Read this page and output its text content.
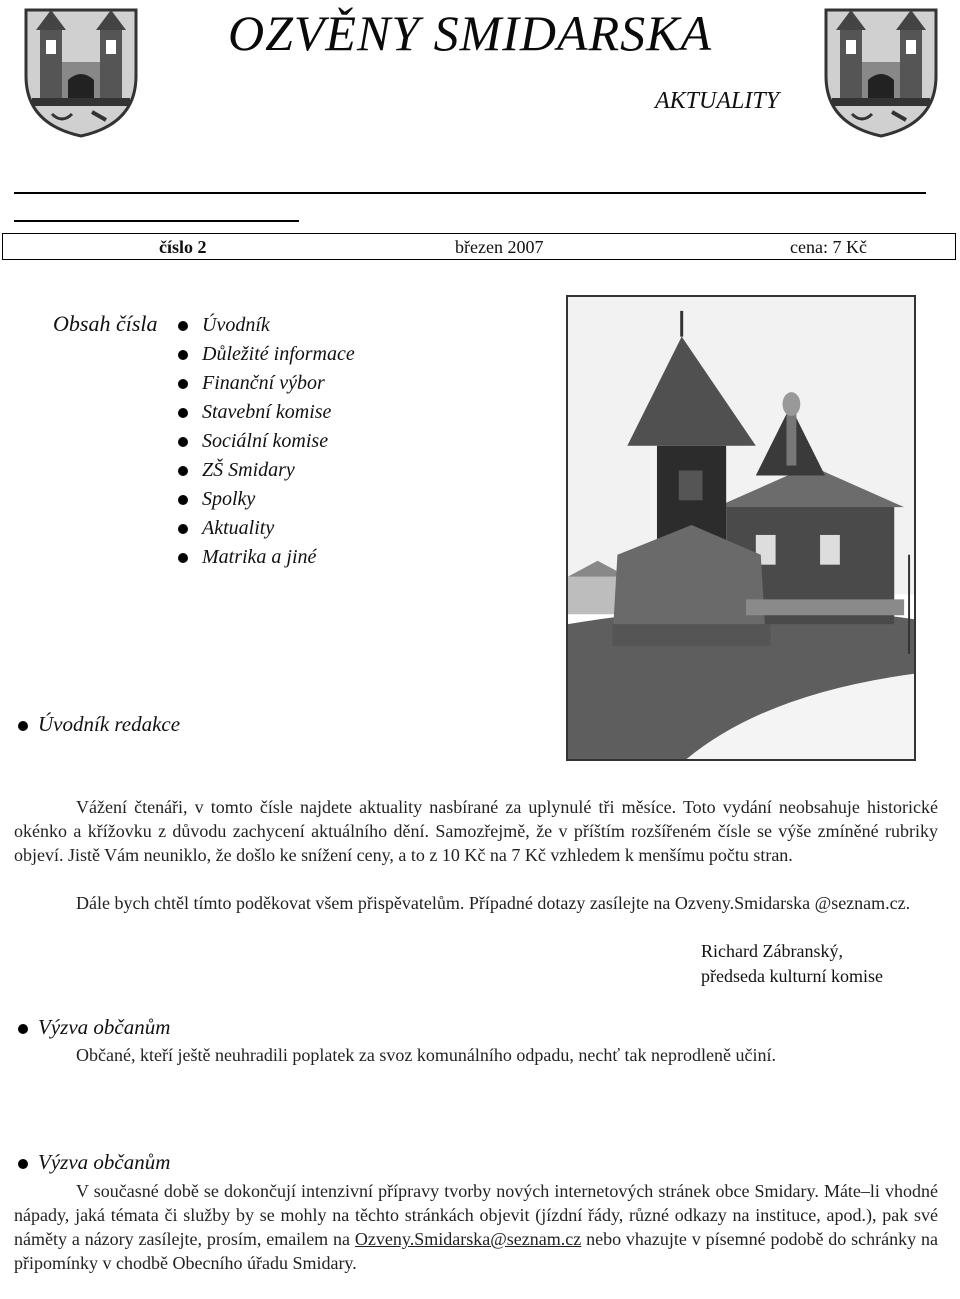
OZVĚNY SMIDARSKA
AKTUALITY
číslo 2	březen 2007	cena: 7 Kč
Obsah čísla	Úvodník
Důležité informace
Finanční výbor
Stavební komise
Sociální komise
ZŠ Smidary
Spolky
Aktuality
Matrika a jiné
Úvodník redakce
Vážení čtenáři, v tomto čísle najdete aktuality nasbírané za uplynulé tři měsíce. Toto vydání neobsahuje historické okénko a křížovku z důvodu zachycení aktuálního dění. Samozřejmě, že v příštím rozšířeném čísle se výše zmíněné rubriky objeví. Jistě Vám neuniklo, že došlo ke snížení ceny, a to z 10 Kč na 7 Kč vzhledem k menšímu počtu stran.
Dále bych chtěl tímto poděkovat všem přispěvatelům. Případné dotazy zasílejte na Ozveny.Smidarska @seznam.cz.
Richard Zábranský,
předseda kulturní komise
Výzva občanům
Občané, kteří ještě neuhradili poplatek za svoz komunálního odpadu, nechť tak neprodleně učiní.
Výzva občanům
V současné době se dokončují intenzivní přípravy tvorby nových internetových stránek obce Smidary. Máte–li vhodné nápady, jaká témata či služby by se mohly na těchto stránkách objevit (jízdní řády, různé odkazy na instituce, apod.), pak své náměty a názory zasílejte, prosím, emailem na Ozveny.Smidarska@seznam.cz nebo vhazujte v písemné podobě do schránky na připomínky v chodbě Obecního úřadu Smidary.
